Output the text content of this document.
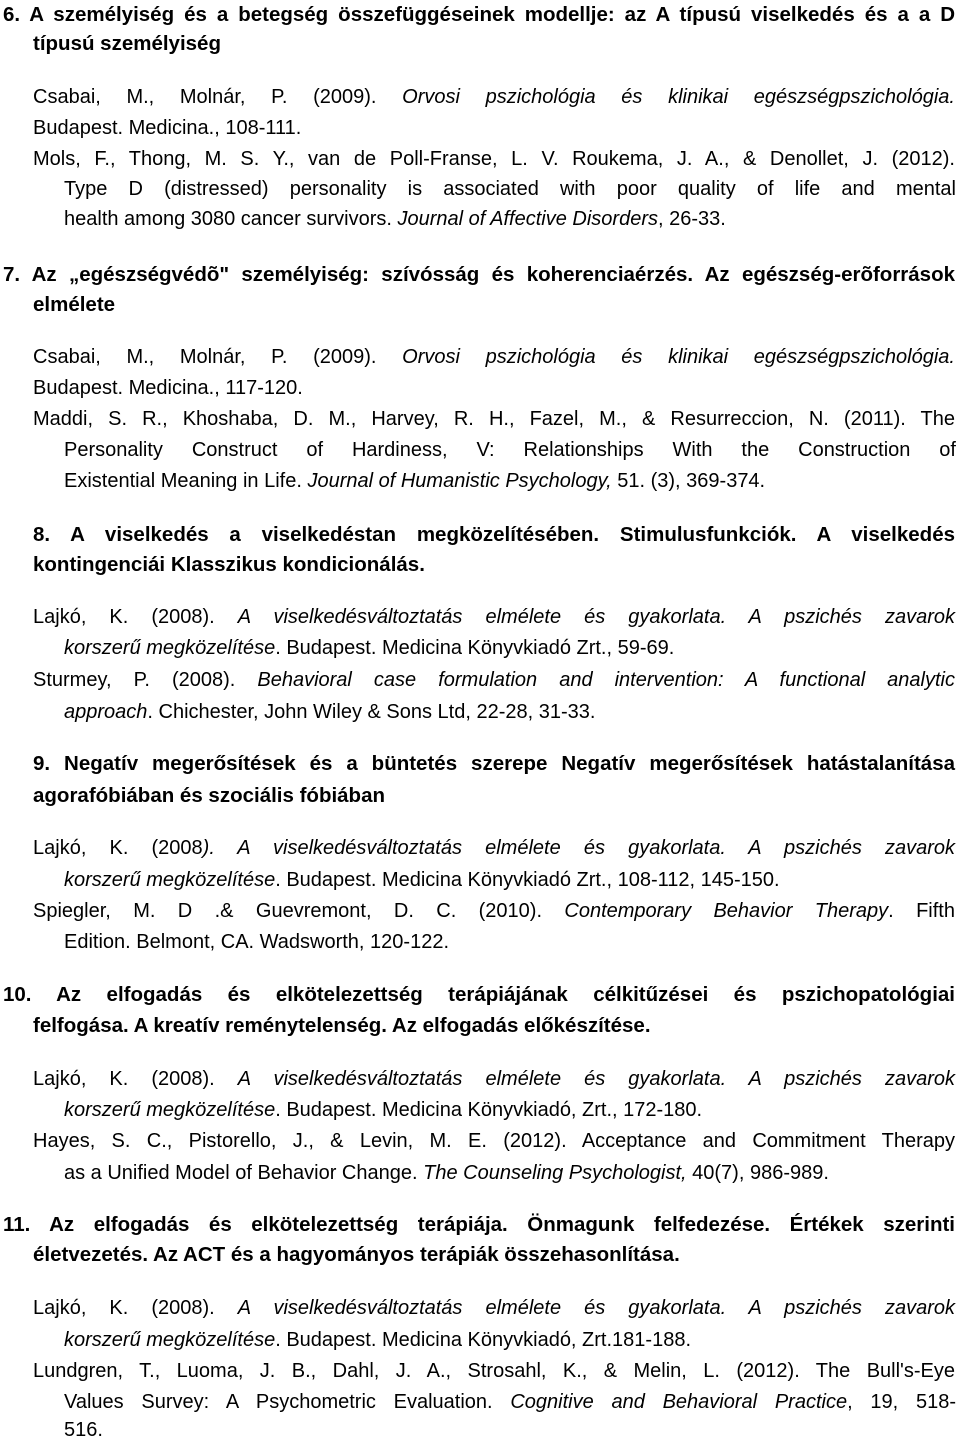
6. A személyiség és a betegség összefüggéseinek modellje: az A típusú viselkedés és a a D
típusú személyiség
Csabai, M., Molnár, P. (2009). Orvosi pszichológia és klinikai egészségpszichológia.
Budapest. Medicina., 108-111.
Mols, F., Thong, M. S. Y., van de Poll-Franse, L. V. Roukema, J. A., & Denollet, J. (2012).
Type D (distressed) personality is associated with poor quality of life and mental
health among 3080 cancer survivors. Journal of Affective Disorders, 26-33.
7. Az „egészségvédõ" személyiség: szívósság és koherenciaérzés. Az egészség-erõforrások
elmélete
Csabai, M., Molnár, P. (2009). Orvosi pszichológia és klinikai egészségpszichológia.
Budapest. Medicina., 117-120.
Maddi, S. R., Khoshaba, D. M., Harvey, R. H., Fazel, M., & Resurreccion, N. (2011). The
Personality Construct of Hardiness, V: Relationships With the Construction of
Existential Meaning in Life. Journal of Humanistic Psychology, 51. (3), 369-374.
8. A viselkedés a viselkedéstan megközelítésében. Stimulusfunkciók. A viselkedés
kontingenciái Klasszikus kondicionálás.
Lajkó, K. (2008). A viselkedésváltoztatás elmélete és gyakorlata. A pszichés zavarok
korszerű megközelítése. Budapest. Medicina Könyvkiadó Zrt., 59-69.
Sturmey, P. (2008). Behavioral case formulation and intervention: A functional analytic
approach. Chichester, John Wiley & Sons Ltd, 22-28, 31-33.
9. Negatív megerősítések és a büntetés szerepe Negatív megerősítések hatástalanítása
agorafóbiában és szociális fóbiában
Lajkó, K. (2008). A viselkedésváltoztatás elmélete és gyakorlata. A pszichés zavarok
korszerű megközelítése. Budapest. Medicina Könyvkiadó Zrt., 108-112, 145-150.
Spiegler, M. D .& Guevremont, D. C. (2010). Contemporary Behavior Therapy. Fifth
Edition. Belmont, CA. Wadsworth, 120-122.
10. Az elfogadás és elkötelezettség terápiájának célkitűzései és pszichopatológiai
felfogása. A kreatív reménytelenség. Az elfogadás előkészítése.
Lajkó, K. (2008). A viselkedésváltoztatás elmélete és gyakorlata. A pszichés zavarok
korszerű megközelítése. Budapest. Medicina Könyvkiadó, Zrt., 172-180.
Hayes, S. C., Pistorello, J., & Levin, M. E. (2012). Acceptance and Commitment Therapy
as a Unified Model of Behavior Change. The Counseling Psychologist, 40(7), 986-989.
11. Az elfogadás és elkötelezettség terápiája. Önmagunk felfedezése. Értékek szerinti
életvezetés. Az ACT és a hagyományos terápiák összehasonlítása.
Lajkó, K. (2008). A viselkedésváltoztatás elmélete és gyakorlata. A pszichés zavarok
korszerű megközelítése. Budapest. Medicina Könyvkiadó, Zrt.181-188.
Lundgren, T., Luoma, J. B., Dahl, J. A., Strosahl, K., & Melin, L. (2012). The Bull's-Eye
Values Survey: A Psychometric Evaluation. Cognitive and Behavioral Practice, 19, 518-
516.
